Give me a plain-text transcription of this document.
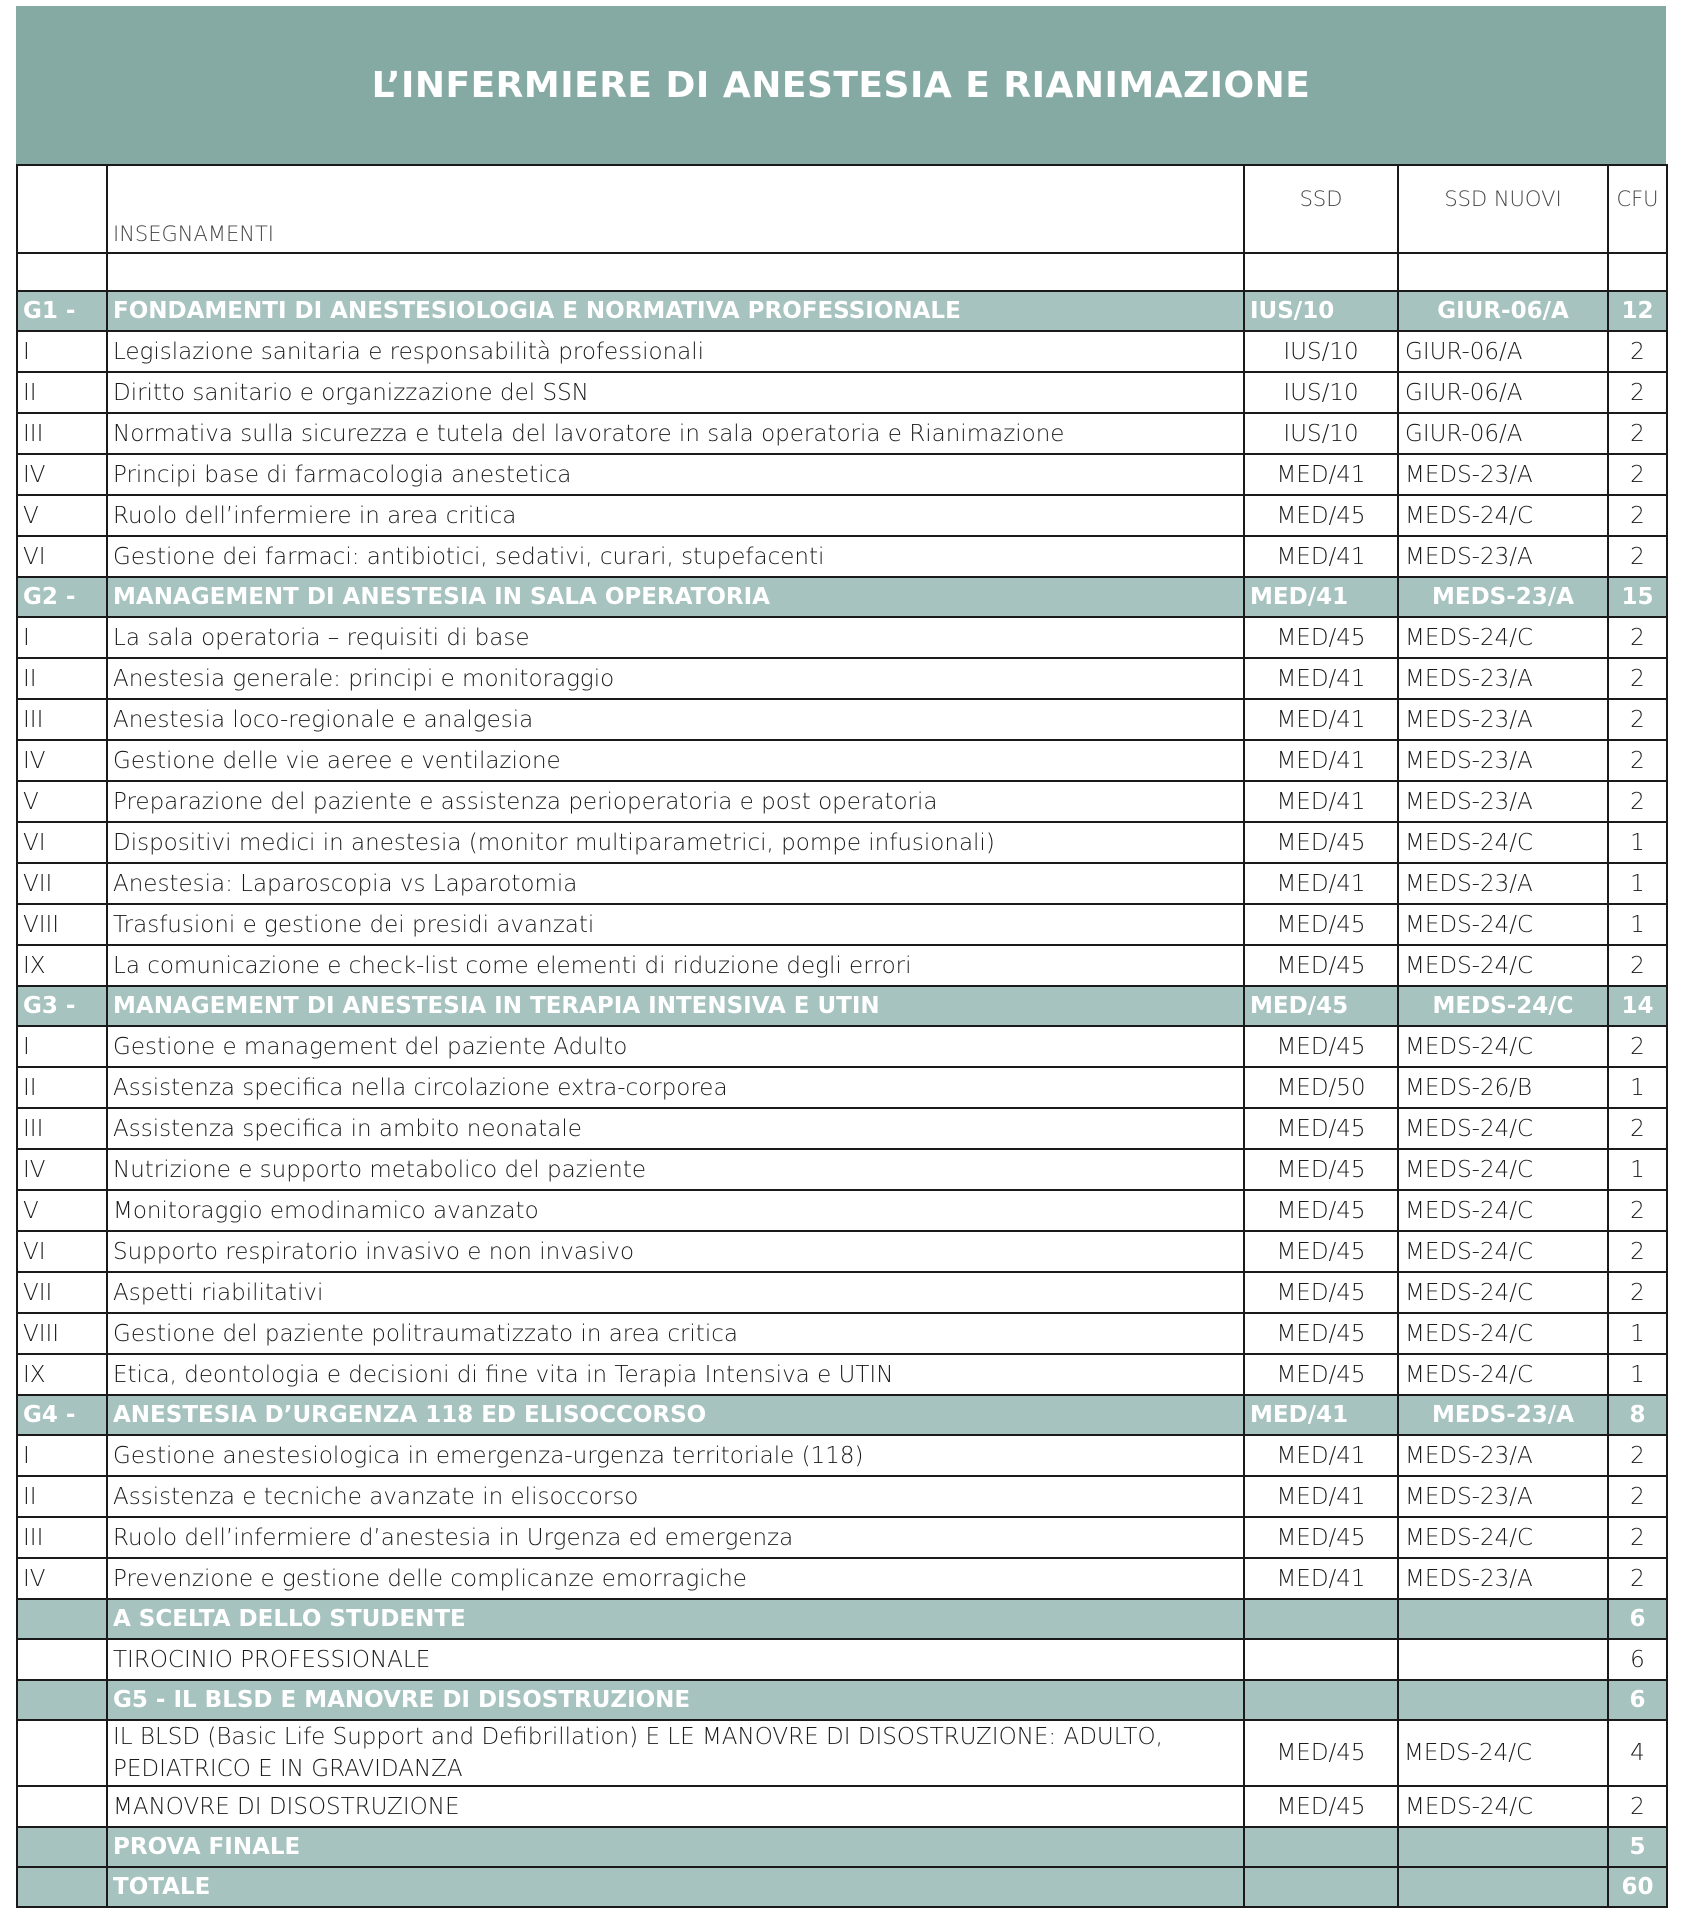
L’INFERMIERE DI ANESTESIA E RIANIMAZIONE
	INSEGNAMENTI	SSD	SSD NUOVI	CFU

G1 -	FONDAMENTI DI ANESTESIOLOGIA E NORMATIVA PROFESSIONALE	IUS/10	GIUR-06/A	12
I	Legislazione sanitaria e responsabilità professionali	IUS/10	GIUR-06/A	2
II	Diritto sanitario e organizzazione del SSN	IUS/10	GIUR-06/A	2
III	Normativa sulla sicurezza e tutela del lavoratore in sala operatoria e Rianimazione	IUS/10	GIUR-06/A	2
IV	Principi base di farmacologia anestetica	MED/41	MEDS-23/A	2
V	Ruolo dell’infermiere in area critica	MED/45	MEDS-24/C	2
VI	Gestione dei farmaci: antibiotici, sedativi, curari, stupefacenti	MED/41	MEDS-23/A	2
G2 -	MANAGEMENT DI ANESTESIA IN SALA OPERATORIA	MED/41	MEDS-23/A	15
I	La sala operatoria – requisiti di base	MED/45	MEDS-24/C	2
II	Anestesia generale: principi e monitoraggio	MED/41	MEDS-23/A	2
III	Anestesia loco-regionale e analgesia	MED/41	MEDS-23/A	2
IV	Gestione delle vie aeree e ventilazione	MED/41	MEDS-23/A	2
V	Preparazione del paziente e assistenza perioperatoria e post operatoria	MED/41	MEDS-23/A	2
VI	Dispositivi medici in anestesia (monitor multiparametrici, pompe infusionali)	MED/45	MEDS-24/C	1
VII	Anestesia: Laparoscopia vs Laparotomia	MED/41	MEDS-23/A	1
VIII	Trasfusioni e gestione dei presidi avanzati	MED/45	MEDS-24/C	1
IX	La comunicazione e check-list come elementi di riduzione degli errori	MED/45	MEDS-24/C	2
G3 -	MANAGEMENT DI ANESTESIA IN TERAPIA INTENSIVA E UTIN	MED/45	MEDS-24/C	14
I	Gestione e management del paziente Adulto	MED/45	MEDS-24/C	2
II	Assistenza specifica nella circolazione extra-corporea	MED/50	MEDS-26/B	1
III	Assistenza specifica in ambito neonatale	MED/45	MEDS-24/C	2
IV	Nutrizione e supporto metabolico del paziente	MED/45	MEDS-24/C	1
V	Monitoraggio emodinamico avanzato	MED/45	MEDS-24/C	2
VI	Supporto respiratorio invasivo e non invasivo	MED/45	MEDS-24/C	2
VII	Aspetti riabilitativi	MED/45	MEDS-24/C	2
VIII	Gestione del paziente politraumatizzato in area critica	MED/45	MEDS-24/C	1
IX	Etica, deontologia e decisioni di fine vita in Terapia Intensiva e UTIN	MED/45	MEDS-24/C	1
G4 -	ANESTESIA D’URGENZA 118 ED ELISOCCORSO	MED/41	MEDS-23/A	8
I	Gestione anestesiologica in emergenza-urgenza territoriale (118)	MED/41	MEDS-23/A	2
II	Assistenza e tecniche avanzate in elisoccorso	MED/41	MEDS-23/A	2
III	Ruolo dell’infermiere d’anestesia in Urgenza ed emergenza	MED/45	MEDS-24/C	2
IV	Prevenzione e gestione delle complicanze emorragiche	MED/41	MEDS-23/A	2
	A SCELTA DELLO STUDENTE			6
	TIROCINIO PROFESSIONALE			6
	G5 - IL BLSD E MANOVRE DI DISOSTRUZIONE			6
	IL BLSD (Basic Life Support and Defibrillation) E LE MANOVRE DI DISOSTRUZIONE: ADULTO, PEDIATRICO E IN GRAVIDANZA	MED/45	MEDS-24/C	4
	MANOVRE DI DISOSTRUZIONE	MED/45	MEDS-24/C	2
	PROVA FINALE			5
	TOTALE			60
